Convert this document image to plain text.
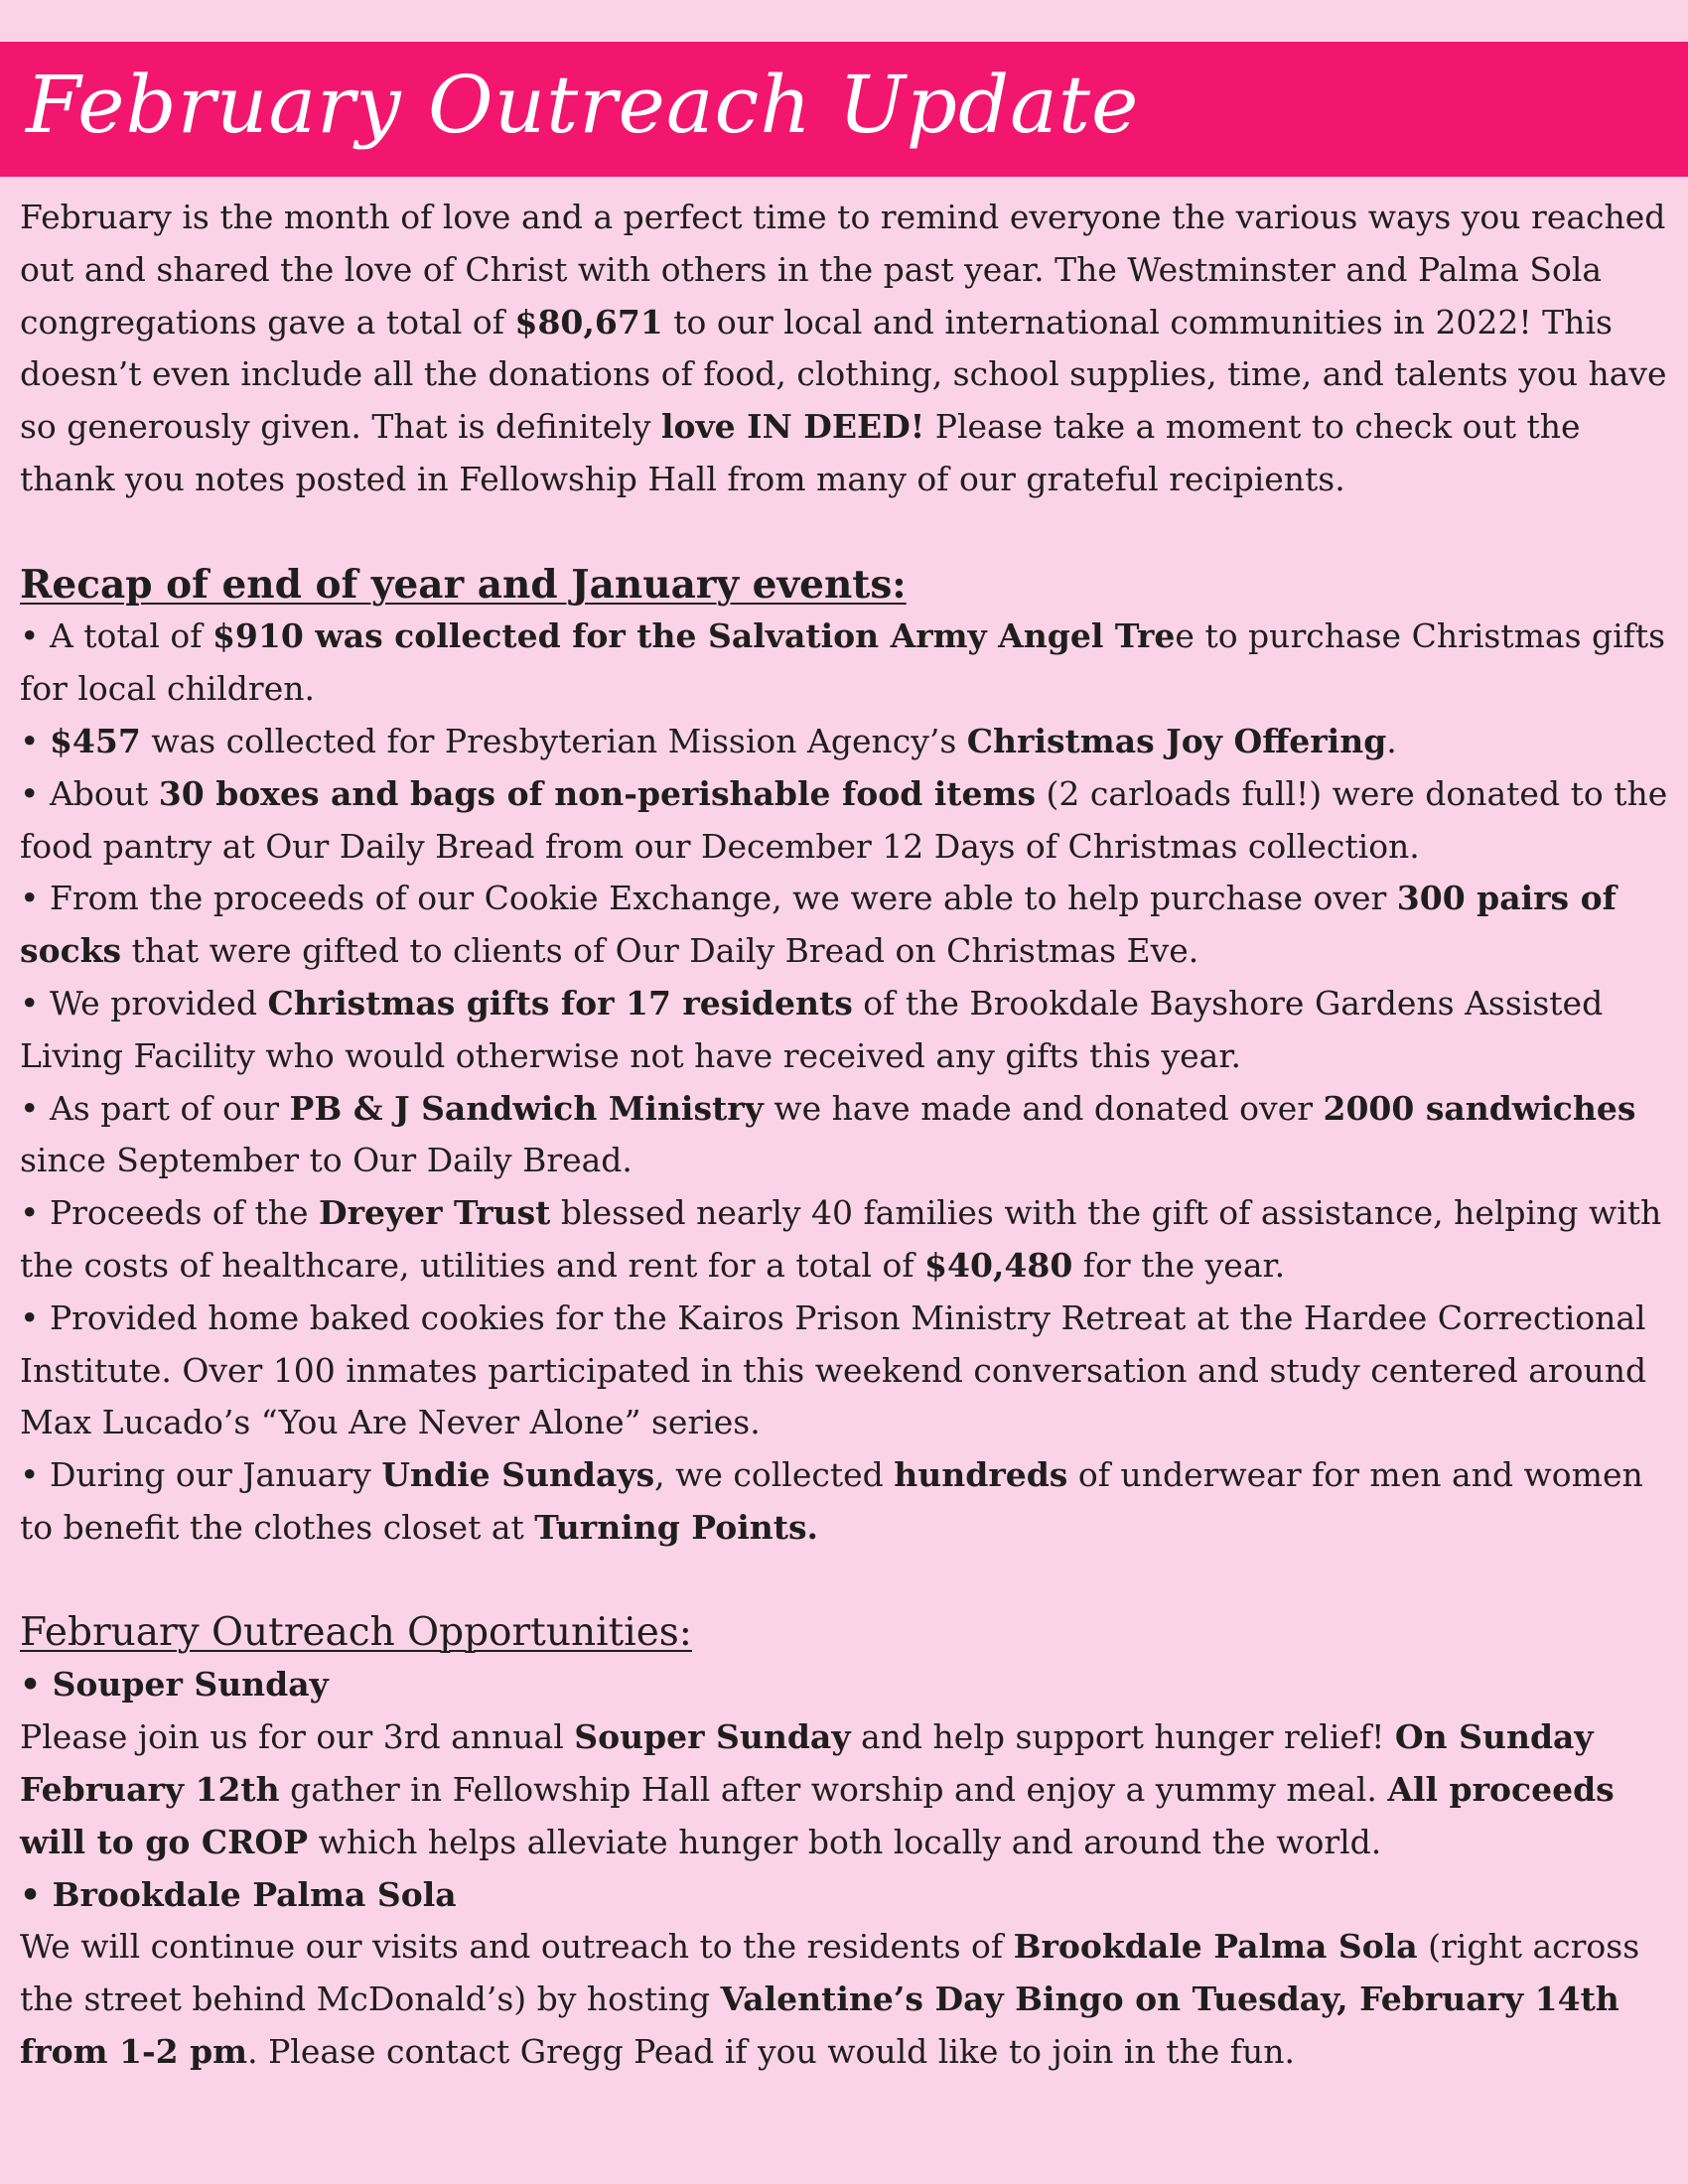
February Outreach Update

February is the month of love and a perfect time to remind everyone the various ways you reached out and shared the love of Christ with others in the past year. The Westminster and Palma Sola congregations gave a total of $80,671 to our local and international communities in 2022! This doesn’t even include all the donations of food, clothing, school supplies, time, and talents you have so generously given. That is definitely love IN DEED! Please take a moment to check out the thank you notes posted in Fellowship Hall from many of our grateful recipients.

Recap of end of year and January events:

• A total of $910 was collected for the Salvation Army Angel Tree to purchase Christmas gifts for local children.

• $457 was collected for Presbyterian Mission Agency’s Christmas Joy Offering.

• About 30 boxes and bags of non-perishable food items (2 carloads full!) were donated to the food pantry at Our Daily Bread from our December 12 Days of Christmas collection.

• From the proceeds of our Cookie Exchange, we were able to help purchase over 300 pairs of socks that were gifted to clients of Our Daily Bread on Christmas Eve.

• We provided Christmas gifts for 17 residents of the Brookdale Bayshore Gardens Assisted Living Facility who would otherwise not have received any gifts this year.

• As part of our PB & J Sandwich Ministry we have made and donated over 2000 sandwiches since September to Our Daily Bread.

• Proceeds of the Dreyer Trust blessed nearly 40 families with the gift of assistance, helping with the costs of healthcare, utilities and rent for a total of $40,480 for the year.

• Provided home baked cookies for the Kairos Prison Ministry Retreat at the Hardee Correctional Institute. Over 100 inmates participated in this weekend conversation and study centered around Max Lucado’s “You Are Never Alone” series.

• During our January Undie Sundays, we collected hundreds of underwear for men and women to benefit the clothes closet at Turning Points.

February Outreach Opportunities:

• Souper Sunday

Please join us for our 3rd annual Souper Sunday and help support hunger relief! On Sunday February 12th gather in Fellowship Hall after worship and enjoy a yummy meal. All proceeds will to go CROP which helps alleviate hunger both locally and around the world.

• Brookdale Palma Sola

We will continue our visits and outreach to the residents of Brookdale Palma Sola (right across the street behind McDonald’s) by hosting Valentine’s Day Bingo on Tuesday, February 14th from 1-2 pm. Please contact Gregg Pead if you would like to join in the fun.
